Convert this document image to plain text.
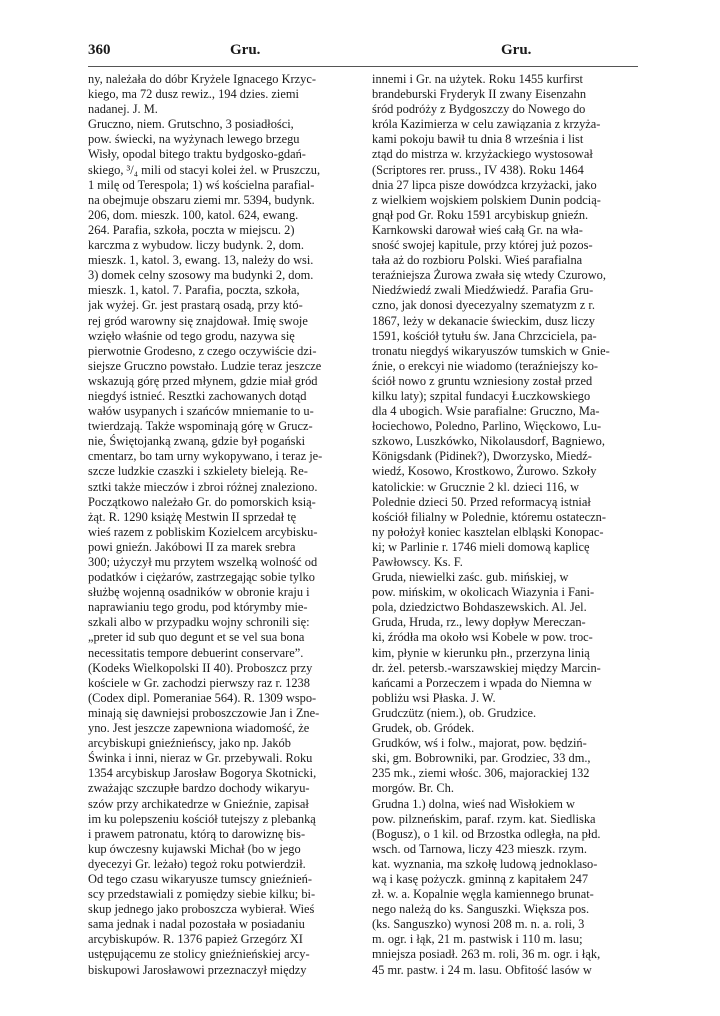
360	Gru.	Gru.
ny, należała do dóbr Kryżele Ignacego Krzyc-
kiego, ma 72 dusz rewiz., 194 dzies. ziemi
nadanej. J. M.
Gruczno, niem. Grutschno, 3 posiadłości,
pow. świecki, na wyżynach lewego brzegu
Wisły, opodal bitego traktu bydgosko-gdań-
skiego, ³/₄ mili od stacyi kolei żel. w Pruszczu,
1 milę od Terespola; 1) wś kościelna parafial-
na obejmuje obszaru ziemi mr. 5394, budynk.
206, dom. mieszk. 100, katol. 624, ewang.
264. Parafia, szkoła, poczta w miejscu. 2)
karczma z wybudow. liczy budynk. 2, dom.
mieszk. 1, katol. 3, ewang. 13, należy do wsi.
3) domek celny szosowy ma budynki 2, dom.
mieszk. 1, katol. 7. Parafia, poczta, szkoła,
jak wyżej. Gr. jest prastarą osadą, przy któ-
rej gród warowny się znajdował. Imię swoje
wzięło właśnie od tego grodu, nazywa się
pierwotnie Grodesno, z czego oczywiście dzi-
siejsze Gruczno powstało. Ludzie teraz jeszcze
wskazują górę przed młynem, gdzie miał gród
niegdyś istnieć. Resztki zachowanych dotąd
wałów usypanych i szańców mniemanie to u-
twierdzają. Także wspominają górę w Grucz-
nie, Świętojanką zwaną, gdzie był pogański
cmentarz, bo tam urny wykopywano, i teraz je-
szcze ludzkie czaszki i szkielety bieleją. Re-
sztki także mieczów i zbroi różnej znaleziono.
Początkowo należało Gr. do pomorskich ksią-
żąt. R. 1290 książę Mestwin II sprzedał tę
wieś razem z pobliskim Kozielcem arcybisku-
powi gnieźn. Jakóbowi II za marek srebra
300; użyczył mu przytem wszelką wolność od
podatków i ciężarów, zastrzegając sobie tylko
służbę wojenną osadników w obronie kraju i
naprawianiu tego grodu, pod którymby mie-
szkali albo w przypadku wojny schronili się:
„preter id sub quo degunt et se vel sua bona
necessitatis tempore debuerint conservare”.
(Kodeks Wielkopolski II 40). Proboszcz przy
kościele w Gr. zachodzi pierwszy raz r. 1238
(Codex dipl. Pomeraniae 564). R. 1309 wspo-
minają się dawniejsi proboszczowie Jan i Zne-
yno. Jest jeszcze zapewniona wiadomość, że
arcybiskupi gnieźnieńscy, jako np. Jakób
Świnka i inni, nieraz w Gr. przebywali. Roku
1354 arcybiskup Jarosław Bogorya Skotnicki,
zważając szczupłe bardzo dochody wikaryu-
szów przy archikatedrze w Gnieźnie, zapisał
im ku polepszeniu kościół tutejszy z plebanką
i prawem patronatu, którą to darowiznę bis-
kup ówczesny kujawski Michał (bo w jego
dyecezyi Gr. leżało) tegoż roku potwierdził.
Od tego czasu wikaryusze tumscy gnieźnień-
scy przedstawiali z pomiędzy siebie kilku; bi-
skup jednego jako proboszcza wybierał. Wieś
sama jednak i nadal pozostała w posiadaniu
arcybiskupów. R. 1376 papież Grzegórz XI
ustępującemu ze stolicy gnieźnieńskiej arcy-
biskupowi Jarosławowi przeznaczył między
innemi i Gr. na użytek. Roku 1455 kurfirst
brandeburski Fryderyk II zwany Eisenzahn
śród podróży z Bydgoszczy do Nowego do
króla Kazimierza w celu zawiązania z krzyża-
kami pokoju bawił tu dnia 8 września i list
ztąd do mistrza w. krzyżackiego wystosował
(Scriptores rer. pruss., IV 438). Roku 1464
dnia 27 lipca pisze dowódzca krzyżacki, jako
z wielkiem wojskiem polskiem Dunin podcią-
gnął pod Gr. Roku 1591 arcybiskup gnieźn.
Karnkowski darował wieś całą Gr. na wła-
sność swojej kapitule, przy której już pozos-
tała aż do rozbioru Polski. Wieś parafialna
teraźniejsza Żurowa zwała się wtedy Czurowo,
Niedźwiedź zwali Miedźwiedź. Parafia Gru-
czno, jak donosi dyecezyalny szematyzm z r.
1867, leży w dekanacie świeckim, dusz liczy
1591, kościół tytułu św. Jana Chrzciciela, pa-
tronatu niegdyś wikaryuszów tumskich w Gnie-
źnie, o erekcyi nie wiadomo (teraźniejszy ko-
ściół nowo z gruntu wzniesiony został przed
kilku laty); szpital fundacyi Łuczkowskiego
dla 4 ubogich. Wsie parafialne: Gruczno, Ma-
łociechowo, Poledno, Parlino, Więckowo, Lu-
szkowo, Luszkówko, Nikolausdorf, Bagniewo,
Königsdank (Pidinek?), Dworzysko, Miedź-
wiedź, Kosowo, Krostkowo, Żurowo. Szkoły
katolickie: w Grucznie 2 kl. dzieci 116, w
Polednie dzieci 50. Przed reformacyą istniał
kościół filialny w Polednie, któremu ostateczn-
ny położył koniec kasztelan elbląski Konopac-
ki; w Parlinie r. 1746 mieli domową kaplicę
Pawłowscy. Ks. F.
Gruda, niewielki zaśc. gub. mińskiej, w
pow. mińskim, w okolicach Wiazynia i Fani-
pola, dziedzictwo Bohdaszewskich. Al. Jel.
Gruda, Hruda, rz., lewy dopływ Mereczan-
ki, źródła ma około wsi Kobele w pow. troc-
kim, płynie w kierunku płn., przerzyna linią
dr. żel. petersb.-warszawskiej między Marcin-
kańcami a Porzeczem i wpada do Niemna w
pobliżu wsi Płaska. J. W.
Grudczütz (niem.), ob. Grudzice.
Grudek, ob. Gródek.
Grudków, wś i folw., majorat, pow. będziń-
ski, gm. Bobrowniki, par. Grodziec, 33 dm.,
235 mk., ziemi włośc. 306, majorackiej 132
morgów. Br. Ch.
Grudna 1.) dolna, wieś nad Wisłokiem w
pow. pilzneńskim, paraf. rzym. kat. Siedliska
(Bogusz), o 1 kil. od Brzostka odległa, na płd.
wsch. od Tarnowa, liczy 423 mieszk. rzym.
kat. wyznania, ma szkołę ludową jednoklaso-
wą i kasę pożyczk. gminną z kapitałem 247
zł. w. a. Kopalnie węgla kamiennego brunat-
nego należą do ks. Sanguszki. Większa pos.
(ks. Sanguszko) wynosi 208 m. n. a. roli, 3
m. ogr. i łąk, 21 m. pastwisk i 110 m. lasu;
mniejsza posiadł. 263 m. roli, 36 m. ogr. i łąk,
45 mr. pastw. i 24 m. lasu. Obfitość lasów w
